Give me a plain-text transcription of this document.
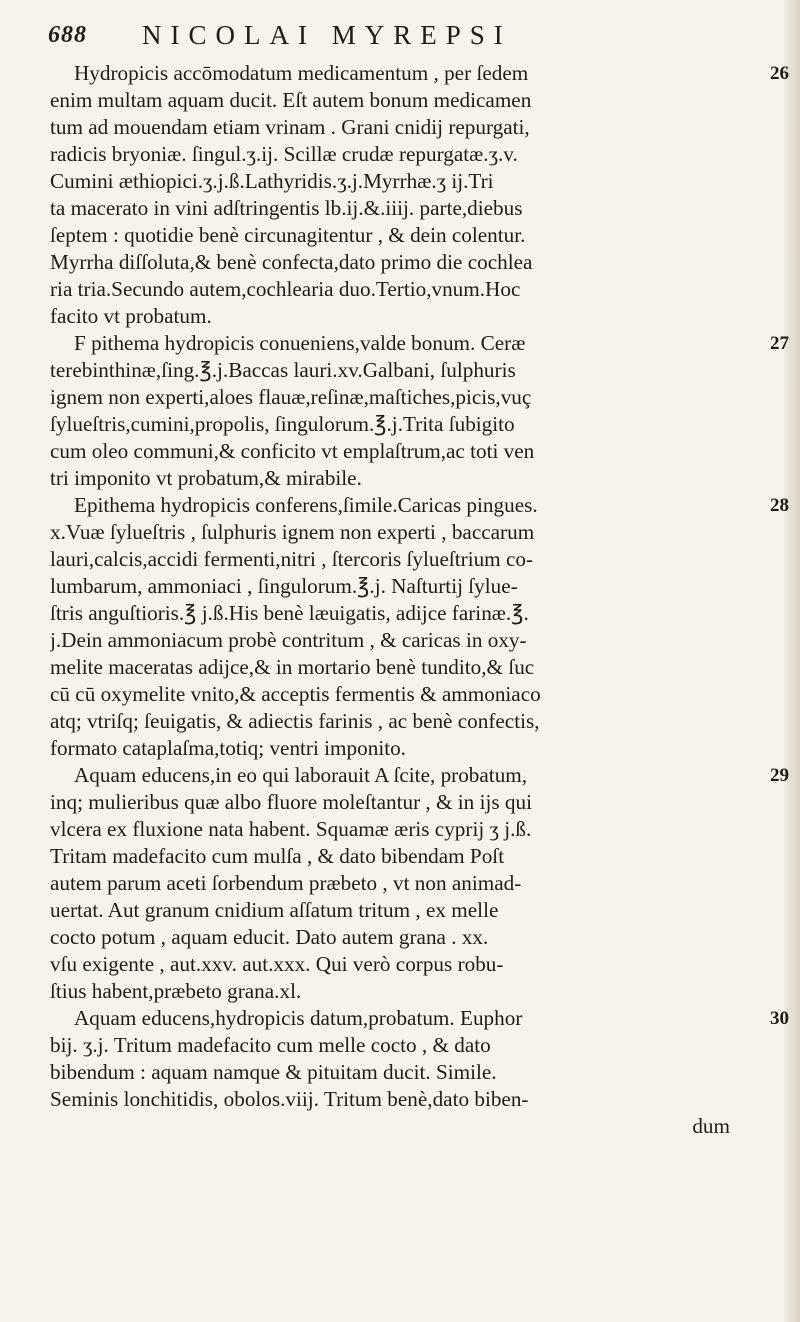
688 NICOLAI MYREPSI
Hydropicis accōmodatum medicamentum , per ſedem
enim multam aquam ducit. Eſt autem bonum medicamen
tum ad mouendam etiam vrinam . Grani cnidij repurgati,
radicis bryoniæ. ſingul.ʒ.ij. Scillæ crudæ repurgatæ.ʒ.v.
Cumini æthiopici.ʒ.j.ß.Lathyridis.ʒ.j.Myrrhæ.ʒ ij.Tri
ta macerato in vini adſtringentis lb.ij.&.iiij. parte,diebus
ſeptem : quotidie benè circunagitentur , & dein colentur.
Myrrha diſſoluta,& benè confecta,dato primo die cochlea
ria tria.Secundo autem,cochlearia duo.Tertio,vnum.Hoc
facito vt probatum.
F pithema hydropicis conueniens,valde bonum. Ceræ
terebinthinæ,ſing.℥.j.Baccas lauri.xv.Galbani, ſulphuris
ignem non experti,aloes flauæ,reſinæ,maſtiches,picis,vuç
ſylueſtris,cumini,propolis, ſingulorum.℥.j.Trita ſubigito
cum oleo communi,& conficito vt emplaſtrum,ac toti ven
tri imponito vt probatum,& mirabile.
Epithema hydropicis conferens,ſimile.Caricas pingues.
x.Vuæ ſylueſtris , ſulphuris ignem non experti , baccarum
lauri,calcis,accidi fermenti,nitri , ſtercoris ſylueſtrium co-
lumbarum, ammoniaci , ſingulorum.℥.j. Naſturtij ſylue-
ſtris anguſtioris.℥ j.ß.His benè læuigatis, adijce farinæ.℥.
j.Dein ammoniacum probè contritum , & caricas in oxy-
melite maceratas adijce,& in mortario benè tundito,& ſuc
cū cū oxymelite vnito,& acceptis fermentis & ammoniaco
atq; vtriſq; ſeuigatis, & adiectis farinis , ac benè confectis,
formato cataplaſma,totiq; ventri imponito.
Aquam educens,in eo qui laborauit A ſcite, probatum,
inq; mulieribus quæ albo fluore moleſtantur , & in ijs qui
vlcera ex fluxione nata habent. Squamæ æris cyprij ʒ j.ß.
Tritam madefacito cum mulſa , & dato bibendam Poſt
autem parum aceti ſorbendum præbeto , vt non animad-
uertat. Aut granum cnidium aſſatum tritum , ex melle
cocto potum , aquam educit. Dato autem grana . xx.
vſu exigente , aut.xxv. aut.xxx. Qui verò corpus robu-
ſtius habent,præbeto grana.xl.
Aquam educens,hydropicis datum,probatum. Euphor
bij. ʒ.j. Tritum madefacito cum melle cocto , & dato
bibendum : aquam namque & pituitam ducit. Simile.
Seminis lonchitidis, obolos.viij. Tritum benè,dato biben-
dum
26
27
28
29
30
